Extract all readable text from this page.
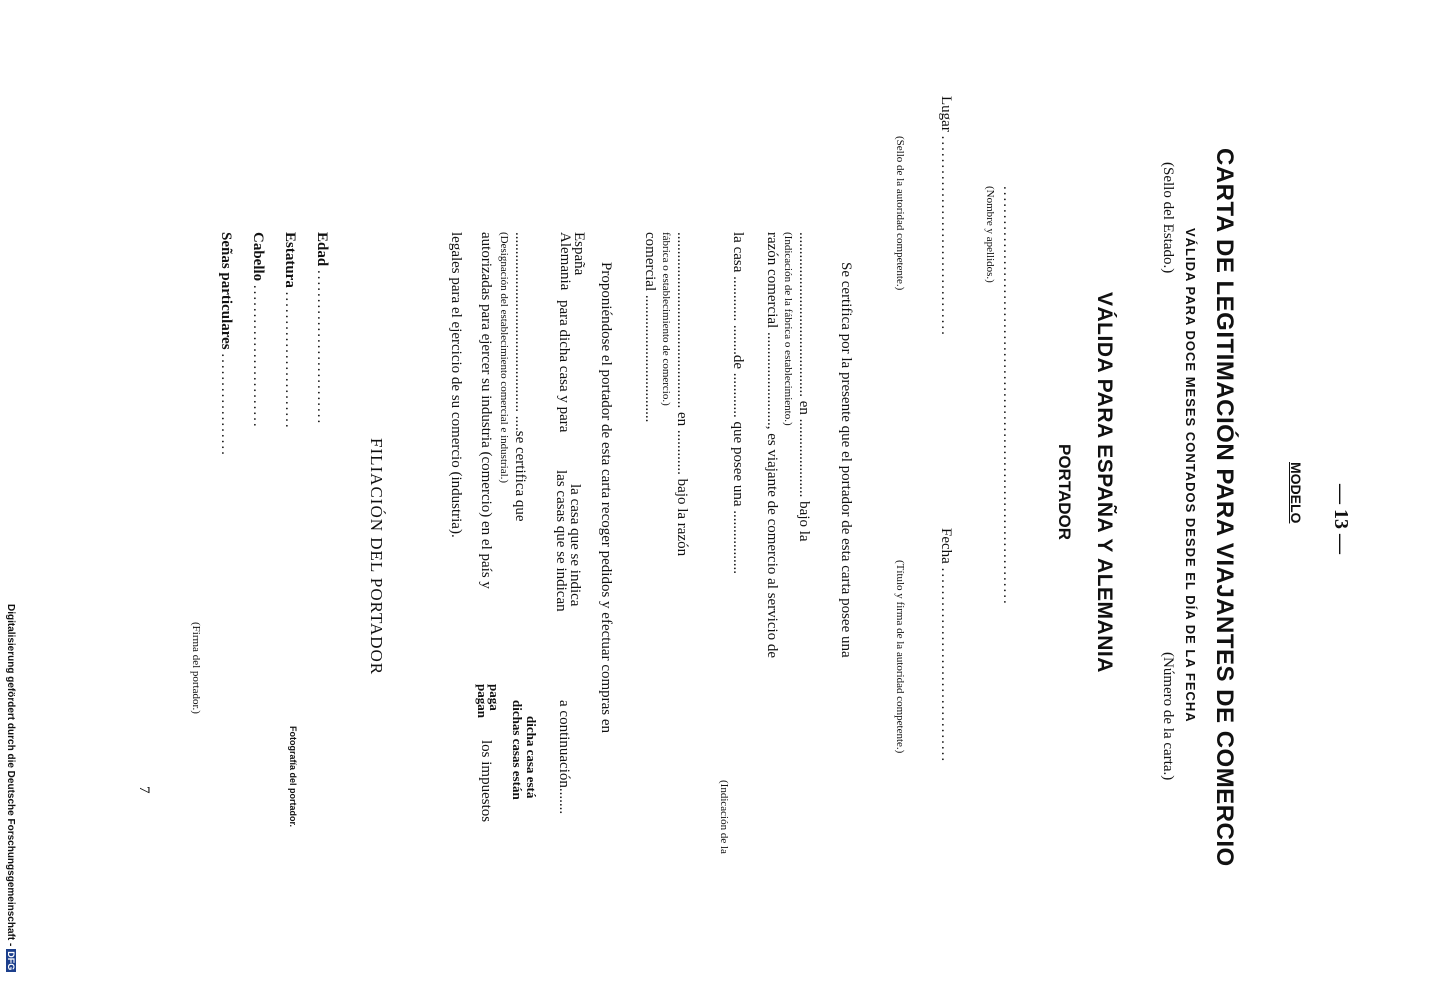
— 13 —
MODELO
CARTA DE LEGITIMACIÓN PARA VIAJANTES DE COMERCIO
VÁLIDA PARA DOCE MESES CONTADOS DESDE EL DÍA DE LA FECHA
(Sello del Estado.)
(Número de la carta.)
VÁLIDA PARA ESPAÑA Y ALEMANIA
PORTADOR
.........................................................................
(Nombre y apellidos.)
Lugar ...................................
Fecha ..................................
(Sello de la autoridad competente.)
(Título y firma de la autoridad competente.)
Se certifica por la presente que el portador de esta carta posee una
............................................ en ..................... bajo la
(Indicación de la fábrica o establecimiento.)
razón comercial ........................., es viajante de comercio al servicio de
la casa ............ ........de ............ que posee una .................
(Indicación de la
............................................... en ............ bajo la razón
fábrica o establecimiento de comercio.)
comercial ..................................
Proponiéndose el portador de esta carta recoger pedidos y efectuar compras en
España
Alemania
para dicha casa y para
la casa que se indica
las casas que se indican
a continuación.......
................................................ ....se certifica que
dicha casa está
dichas casas están
(Designación del establecimiento comercial e industrial.)
autorizadas para ejercer su industria (comercio) en el país y
paga
pagan
los impuestos
legales para el ejercicio de su comercio (industria).
FILIACIÓN DEL PORTADOR
Edad ...........................
Estatura ........................
Cabello .........................
Señas particulares ..................
Fotografía del portador.
(Firma del portador.)
7
Digitalisierung gefördert durch die Deutsche Forschungsgemeinschaft -DFG
